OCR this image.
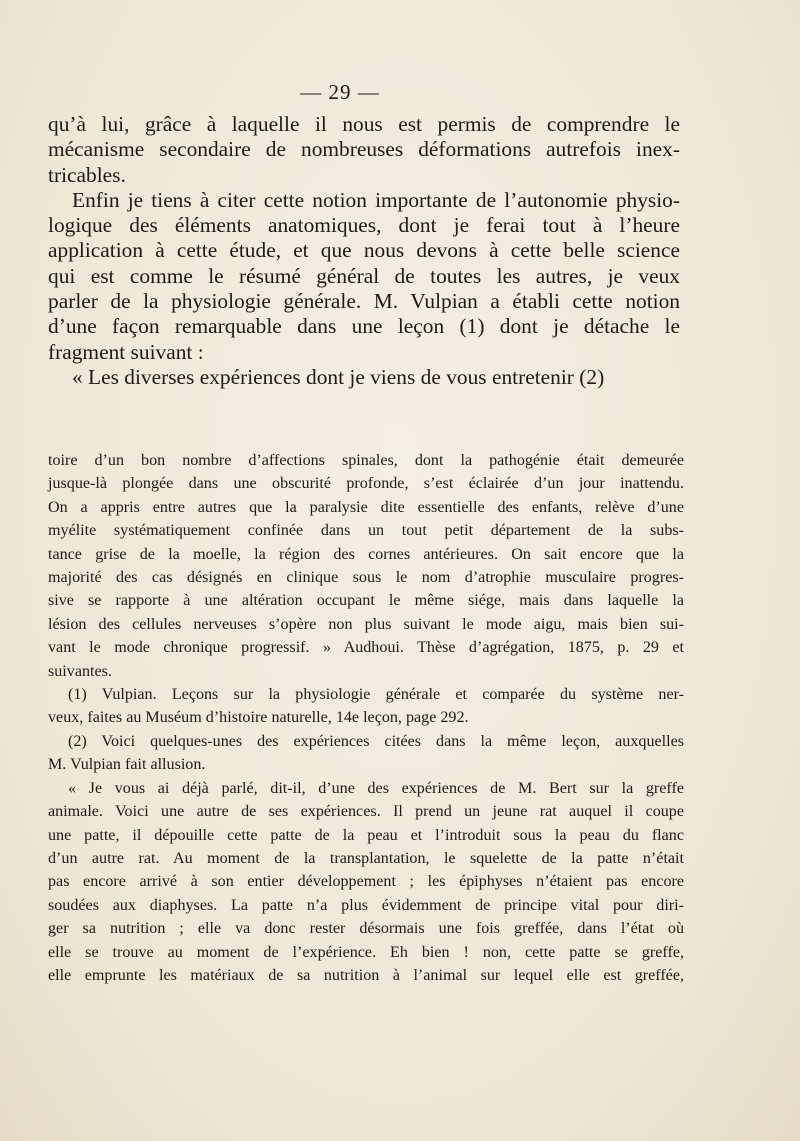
— 29 —

qu’à lui, grâce à laquelle il nous est permis de comprendre le
mécanisme secondaire de nombreuses déformations autrefois inex-
tricables.

Enfin je tiens à citer cette notion importante de l’autonomie physio-
logique des éléments anatomiques, dont je ferai tout à l’heure
application à cette étude, et que nous devons à cette belle science
qui est comme le résumé général de toutes les autres, je veux
parler de la physiologie générale. M. Vulpian a établi cette notion
d’une façon remarquable dans une leçon (1) dont je détache le
fragment suivant :

« Les diverses expériences dont je viens de vous entretenir (2)

toire d’un bon nombre d’affections spinales, dont la pathogénie était demeurée
jusque-là plongée dans une obscurité profonde, s’est éclairée d’un jour inattendu.
On a appris entre autres que la paralysie dite essentielle des enfants, relève d’une
myélite systématiquement confinée dans un tout petit département de la subs-
tance grise de la moelle, la région des cornes antérieures. On sait encore que la
majorité des cas désignés en clinique sous le nom d’atrophie musculaire progres-
sive se rapporte à une altération occupant le même siége, mais dans laquelle la
lésion des cellules nerveuses s’opère non plus suivant le mode aigu, mais bien sui-
vant le mode chronique progressif. » Audhoui. Thèse d’agrégation, 1875, p. 29 et
suivantes.

(1) Vulpian. Leçons sur la physiologie générale et comparée du système ner-
veux, faites au Muséum d’histoire naturelle, 14e leçon, page 292.

(2) Voici quelques-unes des expériences citées dans la même leçon, auxquelles
M. Vulpian fait allusion.

« Je vous ai déjà parlé, dit-il, d’une des expériences de M. Bert sur la greffe
animale. Voici une autre de ses expériences. Il prend un jeune rat auquel il coupe
une patte, il dépouille cette patte de la peau et l’introduit sous la peau du flanc
d’un autre rat. Au moment de la transplantation, le squelette de la patte n’était
pas encore arrivé à son entier développement ; les épiphyses n’étaient pas encore
soudées aux diaphyses. La patte n’a plus évidemment de principe vital pour diri-
ger sa nutrition ; elle va donc rester désormais une fois greffée, dans l’état où
elle se trouve au moment de l’expérience. Eh bien ! non, cette patte se greffe,
elle emprunte les matériaux de sa nutrition à l’animal sur lequel elle est greffée,
